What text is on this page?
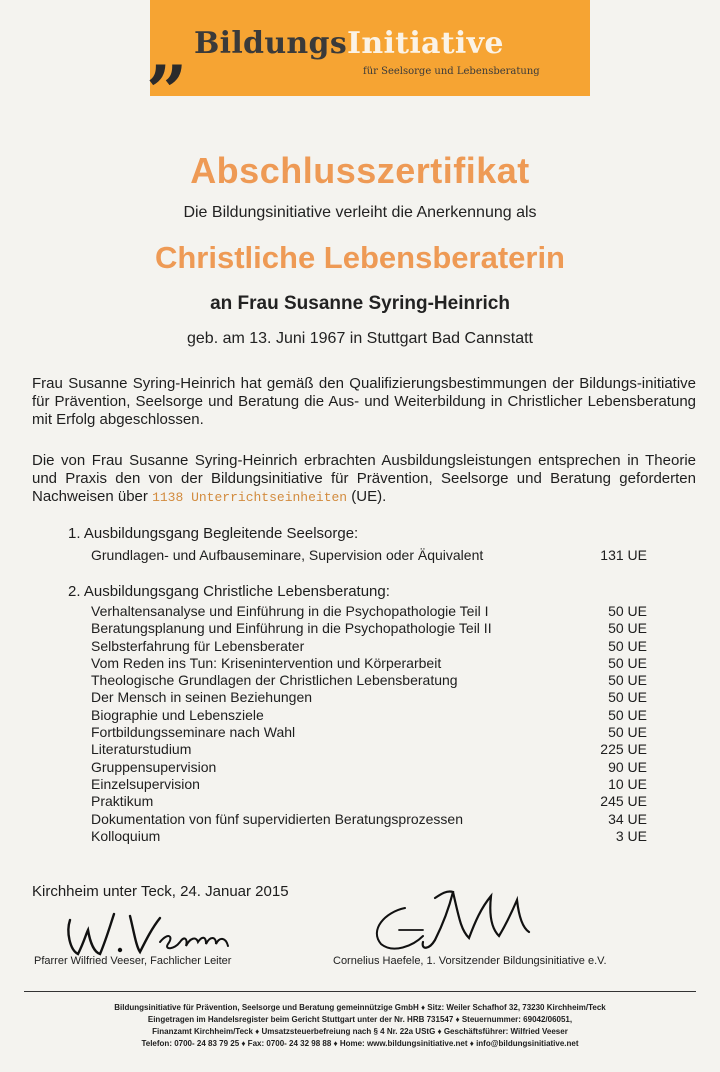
BildungsInitiative
für Seelsorge und Lebensberatung
”
Abschlusszertifikat
Die Bildungsinitiative verleiht die Anerkennung als
Christliche Lebensberaterin
an Frau Susanne Syring-Heinrich
geb. am 13. Juni 1967 in Stuttgart Bad Cannstatt
Frau Susanne Syring-Heinrich hat gemäß den Qualifizierungsbestimmungen der Bildungs-initiative für Prävention, Seelsorge und Beratung die Aus- und Weiterbildung in Christlicher Lebensberatung mit Erfolg abgeschlossen.
Die von Frau Susanne Syring-Heinrich erbrachten Ausbildungsleistungen entsprechen in Theorie und Praxis den von der Bildungsinitiative für Prävention, Seelsorge und Beratung geforderten Nachweisen über 1138 Unterrichtseinheiten (UE).
1. Ausbildungsgang Begleitende Seelsorge:
Grundlagen- und Aufbauseminare, Supervision oder Äquivalent	131 UE
2. Ausbildungsgang Christliche Lebensberatung:
Verhaltensanalyse und Einführung in die Psychopathologie Teil I	50 UE
Beratungsplanung und Einführung in die Psychopathologie Teil II	50 UE
Selbsterfahrung für Lebensberater	50 UE
Vom Reden ins Tun: Krisenintervention und Körperarbeit	50 UE
Theologische Grundlagen der Christlichen Lebensberatung	50 UE
Der Mensch in seinen Beziehungen	50 UE
Biographie und Lebensziele	50 UE
Fortbildungsseminare nach Wahl	50 UE
Literaturstudium	225 UE
Gruppensupervision	90 UE
Einzelsupervision	10 UE
Praktikum	245 UE
Dokumentation von fünf supervidierten Beratungsprozessen	34 UE
Kolloquium	3 UE
Kirchheim unter Teck, 24. Januar 2015
Pfarrer Wilfried Veeser, Fachlicher Leiter	Cornelius Haefele, 1. Vorsitzender Bildungsinitiative e.V.
Bildungsinitiative für Prävention, Seelsorge und Beratung gemeinnützige GmbH ♦ Sitz: Weiler Schafhof 32, 73230 Kirchheim/Teck
Eingetragen im Handelsregister beim Gericht Stuttgart unter der Nr. HRB 731547 ♦ Steuernummer: 69042/06051,
Finanzamt Kirchheim/Teck ♦ Umsatzsteuerbefreiung nach § 4 Nr. 22a UStG ♦ Geschäftsführer: Wilfried Veeser
Telefon: 0700- 24 83 79 25 ♦ Fax: 0700- 24 32 98 88 ♦ Home: www.bildungsinitiative.net ♦ info@bildungsinitiative.net
